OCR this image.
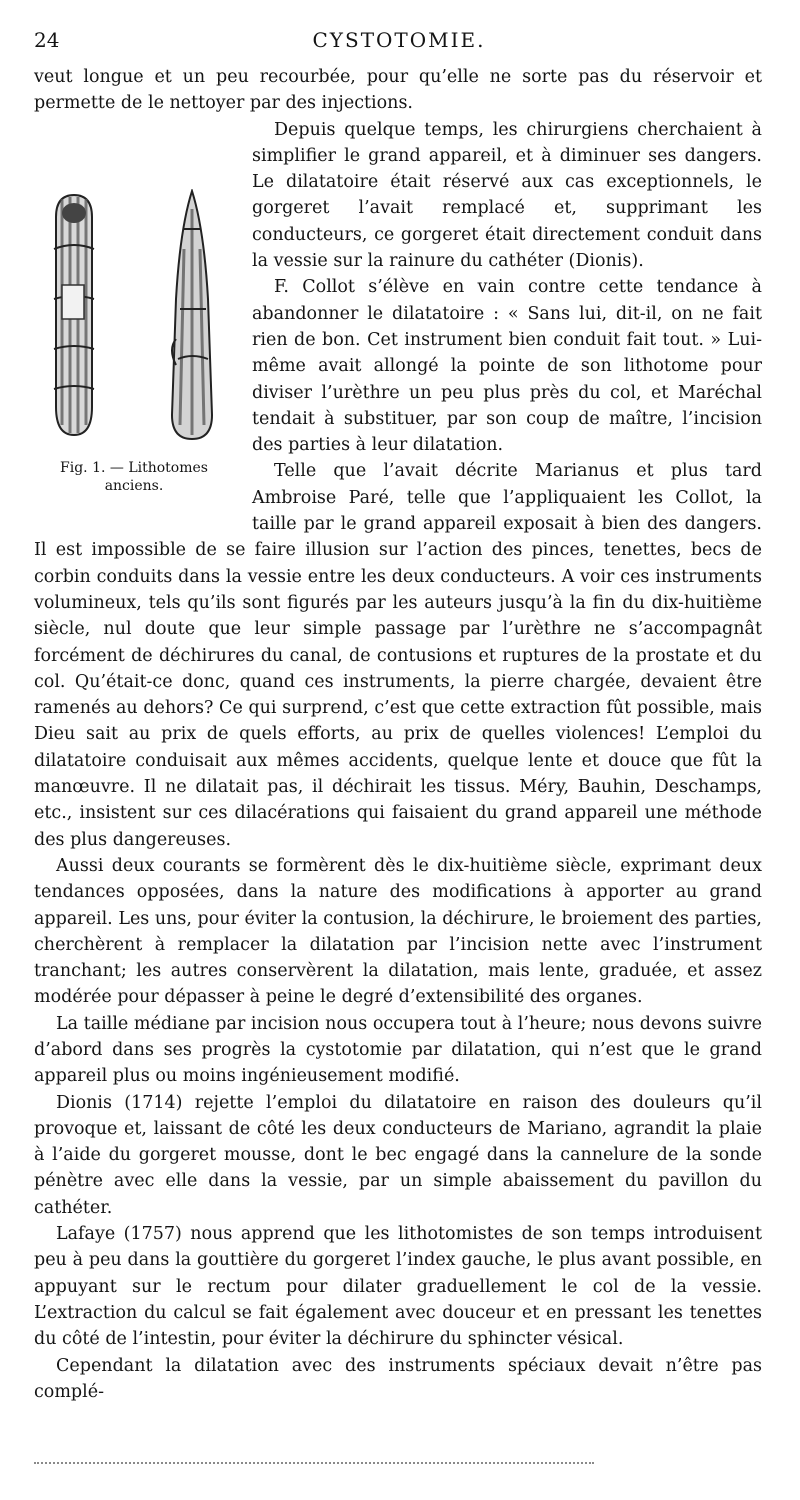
24	CYSTOTOMIE.

veut longue et un peu recourbée, pour qu’elle ne sorte pas du réservoir et permette de le nettoyer par des injections.

Fig. 1. — Lithotomes
anciens.

Depuis quelque temps, les chirurgiens cherchaient à simplifier le grand appareil, et à diminuer ses dangers. Le dilatatoire était réservé aux cas exceptionnels, le gorgeret l’avait remplacé et, supprimant les conducteurs, ce gorgeret était directement conduit dans la vessie sur la rainure du cathéter (Dionis).

F. Collot s’élève en vain contre cette tendance à abandonner le dilatatoire : « Sans lui, dit-il, on ne fait rien de bon. Cet instrument bien conduit fait tout. » Lui-même avait allongé la pointe de son lithotome pour diviser l’urèthre un peu plus près du col, et Maréchal tendait à substituer, par son coup de maître, l’incision des parties à leur dilatation.

Telle que l’avait décrite Marianus et plus tard Ambroise Paré, telle que l’appliquaient les Collot, la taille par le grand appareil exposait à bien des dangers. Il est impossible de se faire illusion sur l’action des pinces, tenettes, becs de corbin conduits dans la vessie entre les deux conducteurs. A voir ces instruments volumineux, tels qu’ils sont figurés par les auteurs jusqu’à la fin du dix-huitième siècle, nul doute que leur simple passage par l’urèthre ne s’accompagnât forcément de déchirures du canal, de contusions et ruptures de la prostate et du col. Qu’était-ce donc, quand ces instruments, la pierre chargée, devaient être ramenés au dehors? Ce qui surprend, c’est que cette extraction fût possible, mais Dieu sait au prix de quels efforts, au prix de quelles violences! L’emploi du dilatatoire conduisait aux mêmes accidents, quelque lente et douce que fût la manœuvre. Il ne dilatait pas, il déchirait les tissus. Méry, Bauhin, Deschamps, etc., insistent sur ces dilacérations qui faisaient du grand appareil une méthode des plus dangereuses.

Aussi deux courants se formèrent dès le dix-huitième siècle, exprimant deux tendances opposées, dans la nature des modifications à apporter au grand appareil. Les uns, pour éviter la contusion, la déchirure, le broiement des parties, cherchèrent à remplacer la dilatation par l’incision nette avec l’instrument tranchant; les autres conservèrent la dilatation, mais lente, graduée, et assez modérée pour dépasser à peine le degré d’extensibilité des organes.

La taille médiane par incision nous occupera tout à l’heure; nous devons suivre d’abord dans ses progrès la cystotomie par dilatation, qui n’est que le grand appareil plus ou moins ingénieusement modifié.

Dionis (1714) rejette l’emploi du dilatatoire en raison des douleurs qu’il provoque et, laissant de côté les deux conducteurs de Mariano, agrandit la plaie à l’aide du gorgeret mousse, dont le bec engagé dans la cannelure de la sonde pénètre avec elle dans la vessie, par un simple abaissement du pavillon du cathéter.

Lafaye (1757) nous apprend que les lithotomistes de son temps introduisent peu à peu dans la gouttière du gorgeret l’index gauche, le plus avant possible, en appuyant sur le rectum pour dilater graduellement le col de la vessie. L’extraction du calcul se fait également avec douceur et en pressant les tenettes du côté de l’intestin, pour éviter la déchirure du sphincter vésical.

Cependant la dilatation avec des instruments spéciaux devait n’être pas complé-
